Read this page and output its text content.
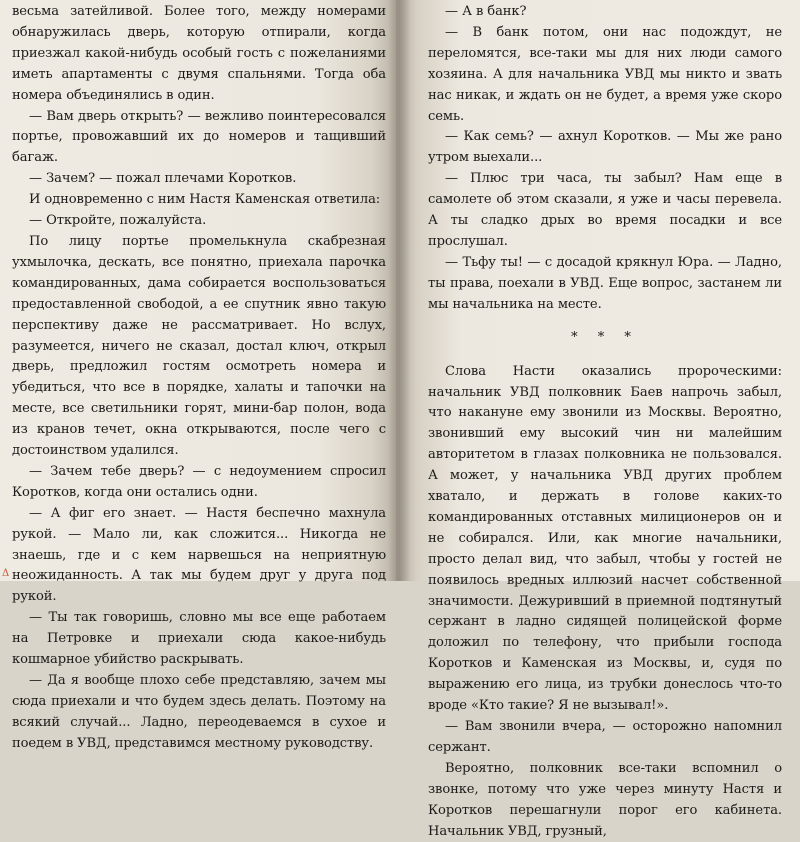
весьма затейливой. Более того, между номерами обнаружилась дверь, которую отпирали, когда приезжал какой-нибудь особый гость с пожеланиями иметь апартаменты с двумя спальнями. Тогда оба номера объединялись в один.

— Вам дверь открыть? — вежливо поинтересовался портье, провожавший их до номеров и тащивший багаж.

— Зачем? — пожал плечами Коротков.

И одновременно с ним Настя Каменская ответила:

— Откройте, пожалуйста.

По лицу портье промелькнула скабрезная ухмылочка, дескать, все понятно, приехала парочка командированных, дама собирается воспользоваться предоставленной свободой, а ее спутник явно такую перспективу даже не рассматривает. Но вслух, разумеется, ничего не сказал, достал ключ, открыл дверь, предложил гостям осмотреть номера и убедиться, что все в порядке, халаты и тапочки на месте, все светильники горят, мини-бар полон, вода из кранов течет, окна открываются, после чего с достоинством удалился.

— Зачем тебе дверь? — с недоумением спросил Коротков, когда они остались одни.

— А фиг его знает. — Настя беспечно махнула рукой. — Мало ли, как сложится... Никогда не знаешь, где и с кем нарвешься на неприятную неожиданность. А так мы будем друг у друга под рукой.

— Ты так говоришь, словно мы все еще работаем на Петровке и приехали сюда какое-нибудь кошмарное убийство раскрывать.

— Да я вообще плохо себе представляю, зачем мы сюда приехали и что будем здесь делать. Поэтому на всякий случай... Ладно, переодеваемся в сухое и поедем в УВД, представимся местному руководству.

Δ

— А в банк?

— В банк потом, они нас подождут, не переломятся, все-таки мы для них люди самого хозяина. А для начальника УВД мы никто и звать нас никак, и ждать он не будет, а время уже скоро семь.

— Как семь? — ахнул Коротков. — Мы же рано утром выехали...

— Плюс три часа, ты забыл? Нам еще в самолете об этом сказали, я уже и часы перевела. А ты сладко дрых во время посадки и все прослушал.

— Тьфу ты! — с досадой крякнул Юра. — Ладно, ты права, поехали в УВД. Еще вопрос, застанем ли мы начальника на месте.

* * *

Слова Насти оказались пророческими: начальник УВД полковник Баев напрочь забыл, что накануне ему звонили из Москвы. Вероятно, звонивший ему высокий чин ни малейшим авторитетом в глазах полковника не пользовался. А может, у начальника УВД других проблем хватало, и держать в голове каких-то командированных отставных милиционеров он и не собирался. Или, как многие начальники, просто делал вид, что забыл, чтобы у гостей не появилось вредных иллюзий насчет собственной значимости. Дежуривший в приемной подтянутый сержант в ладно сидящей полицейской форме доложил по телефону, что прибыли господа Коротков и Каменская из Москвы, и, судя по выражению его лица, из трубки донеслось что-то вроде «Кто такие? Я не вызывал!».

— Вам звонили вчера, — осторожно напомнил сержант.

Вероятно, полковник все-таки вспомнил о звонке, потому что уже через минуту Настя и Коротков перешагнули порог его кабинета. Начальник УВД, грузный,
